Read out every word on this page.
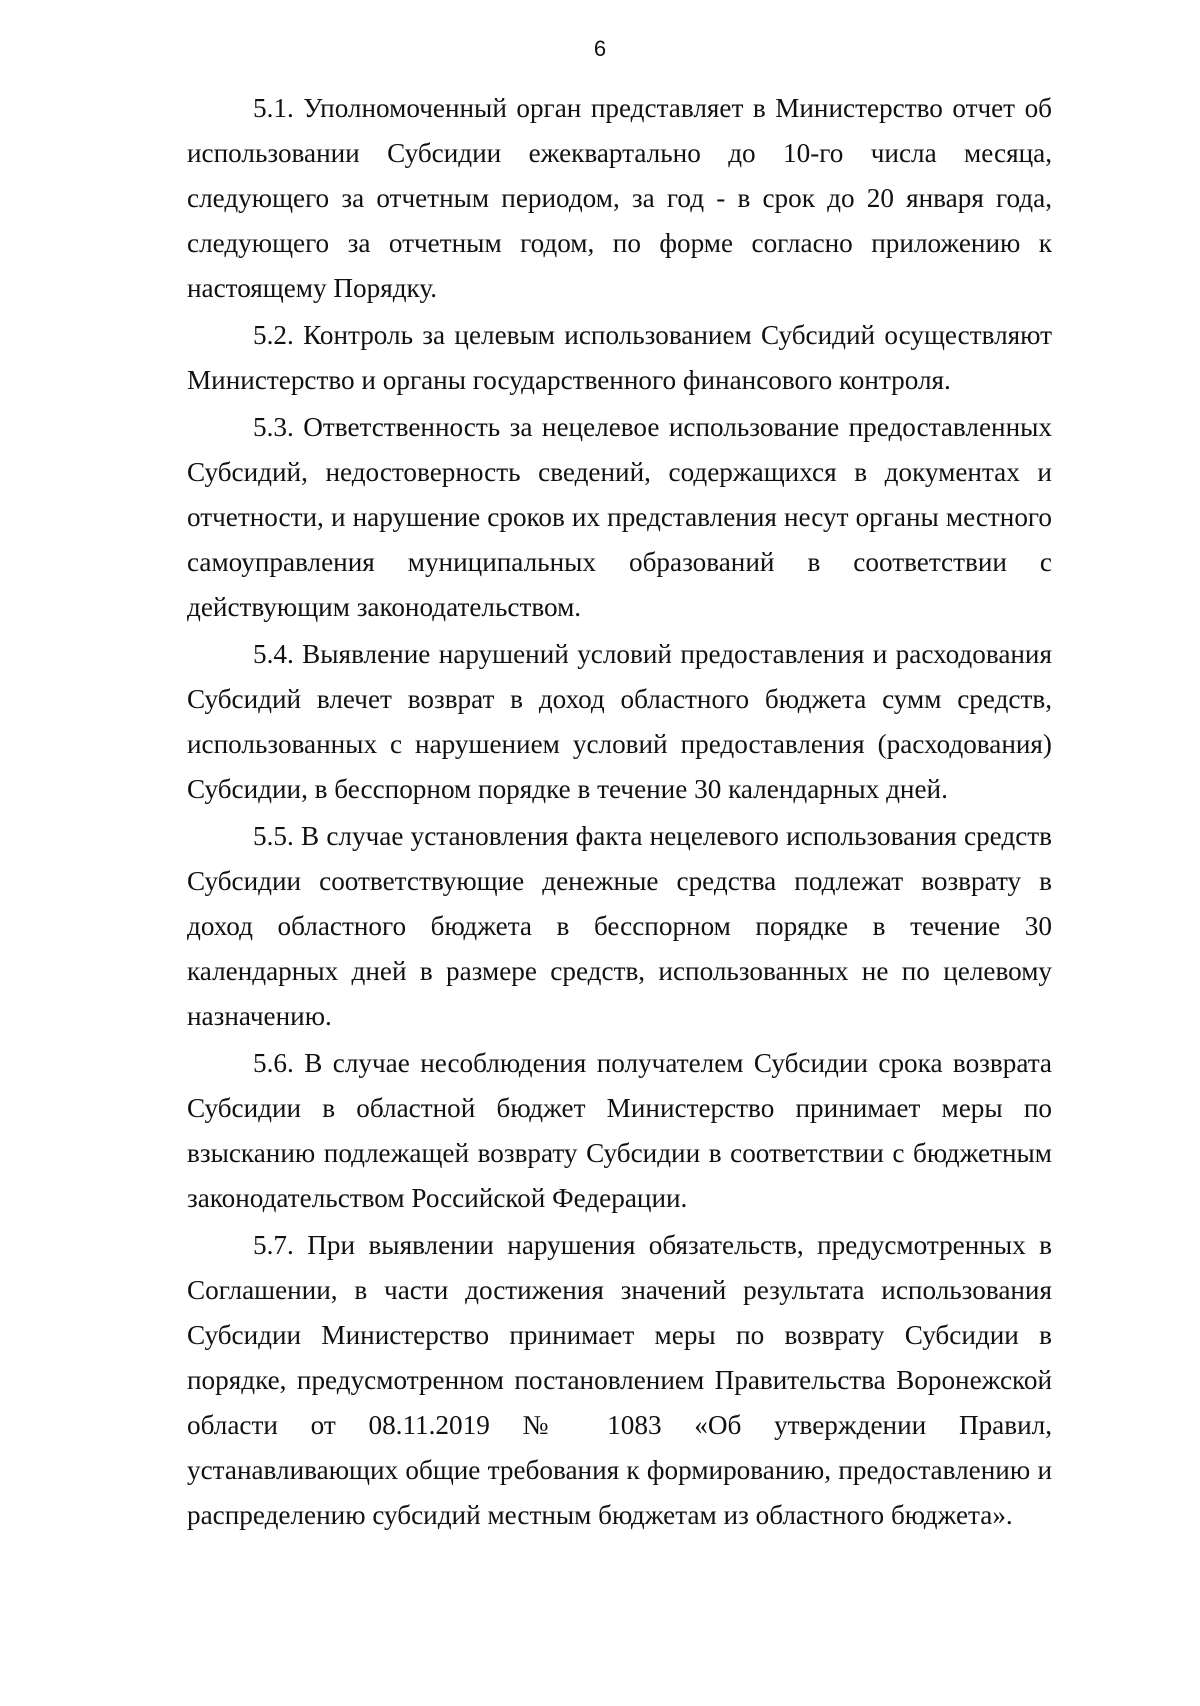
6

5.1. Уполномоченный орган представляет в Министерство отчет об использовании Субсидии ежеквартально до 10-го числа месяца, следующего за отчетным периодом, за год - в срок до 20 января года, следующего за отчетным годом, по форме согласно приложению к настоящему Порядку.

5.2. Контроль за целевым использованием Субсидий осуществляют Министерство и органы государственного финансового контроля.

5.3. Ответственность за нецелевое использование предоставленных Субсидий, недостоверность сведений, содержащихся в документах и отчетности, и нарушение сроков их представления несут органы местного самоуправления муниципальных образований в соответствии с действующим законодательством.

5.4. Выявление нарушений условий предоставления и расходования Субсидий влечет возврат в доход областного бюджета сумм средств, использованных с нарушением условий предоставления (расходования) Субсидии, в бесспорном порядке в течение 30 календарных дней.

5.5. В случае установления факта нецелевого использования средств Субсидии соответствующие денежные средства подлежат возврату в доход областного бюджета в бесспорном порядке в течение 30 календарных дней в размере средств, использованных не по целевому назначению.

5.6. В случае несоблюдения получателем Субсидии срока возврата Субсидии в областной бюджет Министерство принимает меры по взысканию подлежащей возврату Субсидии в соответствии с бюджетным законодательством Российской Федерации.

5.7. При выявлении нарушения обязательств, предусмотренных в Соглашении, в части достижения значений результата использования Субсидии Министерство принимает меры по возврату Субсидии в порядке, предусмотренном постановлением Правительства Воронежской области от 08.11.2019 № 1083 «Об утверждении Правил, устанавливающих общие требования к формированию, предоставлению и распределению субсидий местным бюджетам из областного бюджета».
